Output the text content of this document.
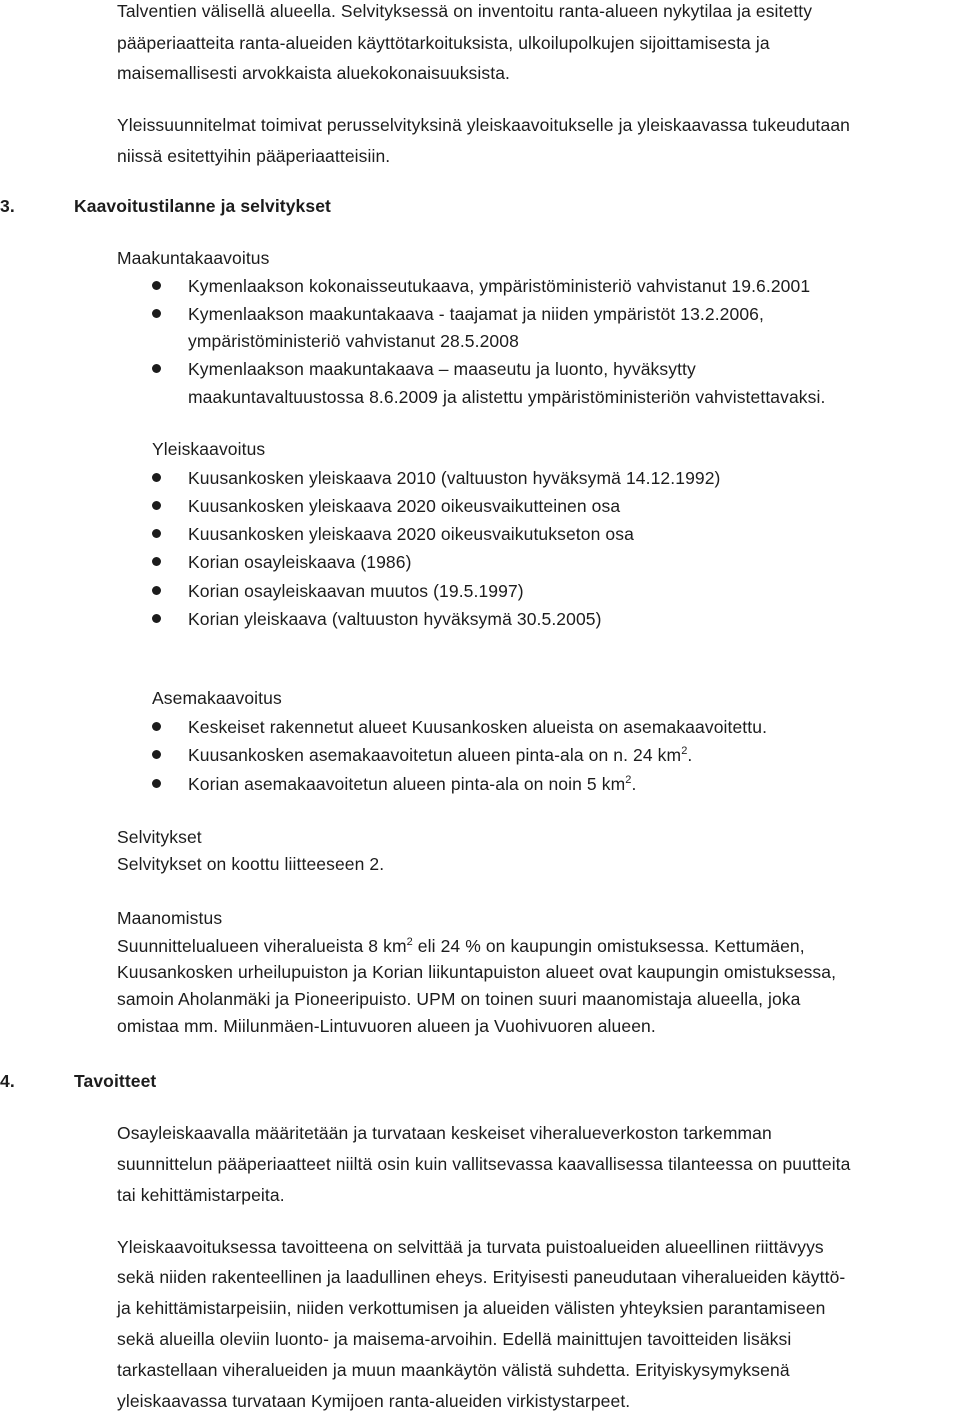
Talventien välisellä alueella. Selvityksessä on inventoitu ranta-alueen nykytilaa ja esitetty
pääperiaatteita ranta-alueiden käyttötarkoituksista, ulkoilupolkujen sijoittamisesta ja
maisemallisesti arvokkaista aluekokonaisuuksista.
Yleissuunnitelmat toimivat perusselvityksinä yleiskaavoitukselle ja yleiskaavassa tukeudutaan
niissä esitettyihin pääperiaatteisiin.
3.	Kaavoitustilanne ja selvitykset
Maakuntakaavoitus
Kymenlaakson kokonaisseutukaava, ympäristöministeriö vahvistanut 19.6.2001
Kymenlaakson maakuntakaava - taajamat ja niiden ympäristöt 13.2.2006,
ympäristöministeriö vahvistanut 28.5.2008
Kymenlaakson maakuntakaava – maaseutu ja luonto, hyväksytty
maakuntavaltuustossa 8.6.2009 ja alistettu ympäristöministeriön vahvistettavaksi.
Yleiskaavoitus
Kuusankosken yleiskaava 2010 (valtuuston hyväksymä 14.12.1992)
Kuusankosken yleiskaava 2020 oikeusvaikutteinen osa
Kuusankosken yleiskaava 2020 oikeusvaikutukseton osa
Korian osayleiskaava (1986)
Korian osayleiskaavan muutos (19.5.1997)
Korian yleiskaava (valtuuston hyväksymä 30.5.2005)
Asemakaavoitus
Keskeiset rakennetut alueet Kuusankosken alueista on asemakaavoitettu.
Kuusankosken asemakaavoitetun alueen pinta-ala on n. 24 $km^2$.
Korian asemakaavoitetun alueen pinta-ala on noin 5 $km^2$.
Selvitykset
Selvitykset on koottu liitteeseen 2.
Maanomistus
Suunnittelualueen viheralueista 8 $km^2$ eli 24 % on kaupungin omistuksessa. Kettumäen,
Kuusankosken urheilupuiston ja Korian liikuntapuiston alueet ovat kaupungin omistuksessa,
samoin Aholanmäki ja Pioneeripuisto. UPM on toinen suuri maanomistaja alueella, joka
omistaa mm. Miilunmäen-Lintuvuoren alueen ja Vuohivuoren alueen.
4.	Tavoitteet
Osayleiskaavalla määritetään ja turvataan keskeiset viheralueverkoston tarkemman
suunnittelun pääperiaatteet niiltä osin kuin vallitsevassa kaavallisessa tilanteessa on puutteita
tai kehittämistarpeita.
Yleiskaavoituksessa tavoitteena on selvittää ja turvata puistoalueiden alueellinen riittävyys
sekä niiden rakenteellinen ja laadullinen eheys. Erityisesti paneudutaan viheralueiden käyttö-
ja kehittämistarpeisiin, niiden verkottumisen ja alueiden välisten yhteyksien parantamiseen
sekä alueilla oleviin luonto- ja maisema-arvoihin. Edellä mainittujen tavoitteiden lisäksi
tarkastellaan viheralueiden ja muun maankäytön välistä suhdetta. Erityiskysymyksenä
yleiskaavassa turvataan Kymijoen ranta-alueiden virkistystarpeet.
